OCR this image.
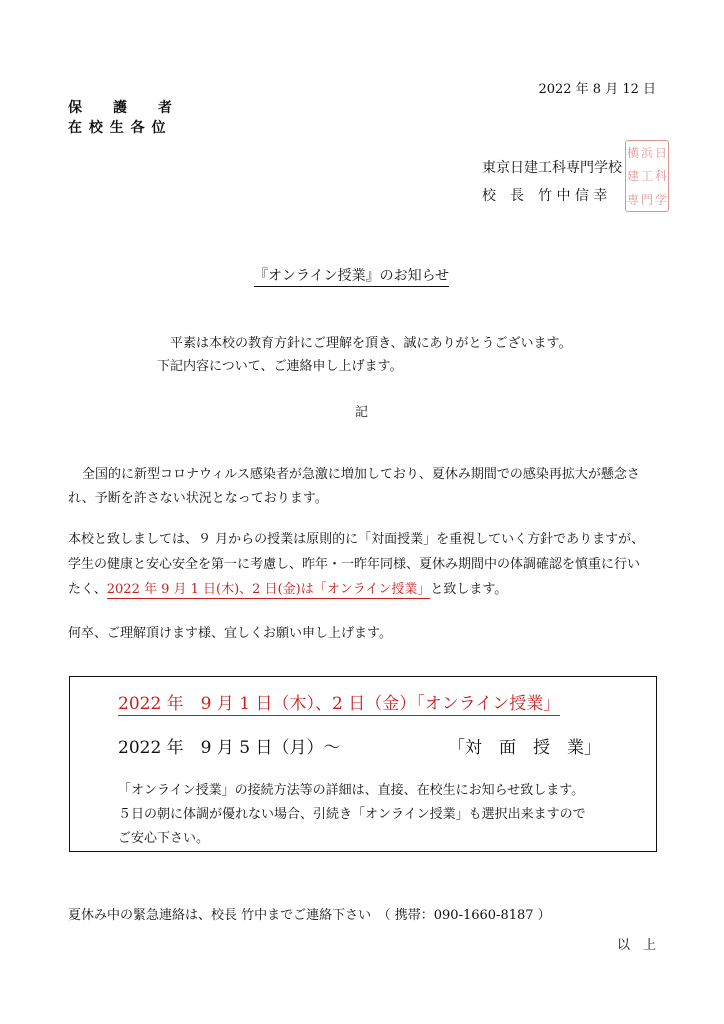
2022 年 8 月 12 日
保　　護　　者
在 校 生 各 位
東京日建工科専門学校
校　長　竹 中 信 幸
横 浜 日
建 工 科
専 門 学
『オンライン授業』のお知らせ
平素は本校の教育方針にご理解を頂き、誠にありがとうございます。
下記内容について、ご連絡申し上げます。
記
全国的に新型コロナウィルス感染者が急激に増加しており、夏休み期間での感染再拡大が懸念さ
れ、予断を許さない状況となっております。
本校と致しましては、９ 月からの授業は原則的に「対面授業」を重視していく方針でありますが、
学生の健康と安心安全を第一に考慮し、昨年・一昨年同様、夏休み期間中の体調確認を慎重に行い
たく、2022 年 9 月 1 日(木)、2 日(金)は「オンライン授業」と致します。
何卒、ご理解頂けます様、宜しくお願い申し上げます。
2022 年　9 月 1 日（木）、2 日（金）「オンライン授業」
2022 年　9 月 5 日（月）～	「対　面　授　業」
「オンライン授業」の接続方法等の詳細は、直接、在校生にお知らせ致します。
５日の朝に体調が優れない場合、引続き「オンライン授業」も選択出来ますので
ご安心下さい。
夏休み中の緊急連絡は、校長 竹中までご連絡下さい　（ 携帯：090-1660-8187 ）
以　上
